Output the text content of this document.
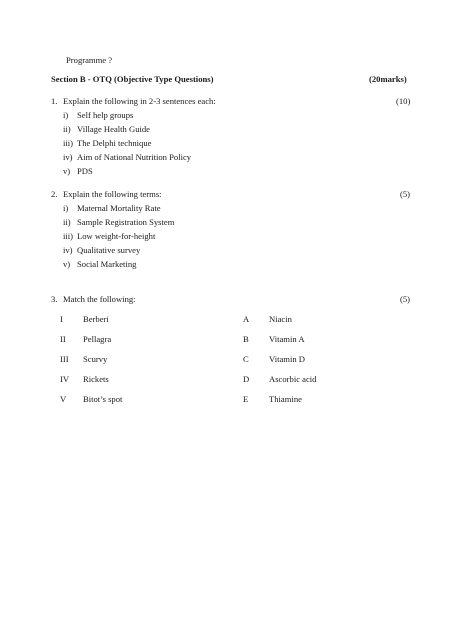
Programme ?
Section B - OTQ (Objective Type Questions)	(20marks)
1. Explain the following in 2-3 sentences each:	(10)
i) Self help groups
ii) Village Health Guide
iii) The Delphi technique
iv) Aim of National Nutrition Policy
v) PDS
2. Explain the following terms:	(5)
i) Maternal Mortality Rate
ii) Sample Registration System
iii) Low weight-for-height
iv) Qualitative survey
v) Social Marketing
3. Match the following:	(5)
I Berberi	A Niacin
II Pellagra	B Vitamin A
III Scurvy	C Vitamin D
IV Rickets	D Ascorbic acid
V Bitot’s spot	E Thiamine
